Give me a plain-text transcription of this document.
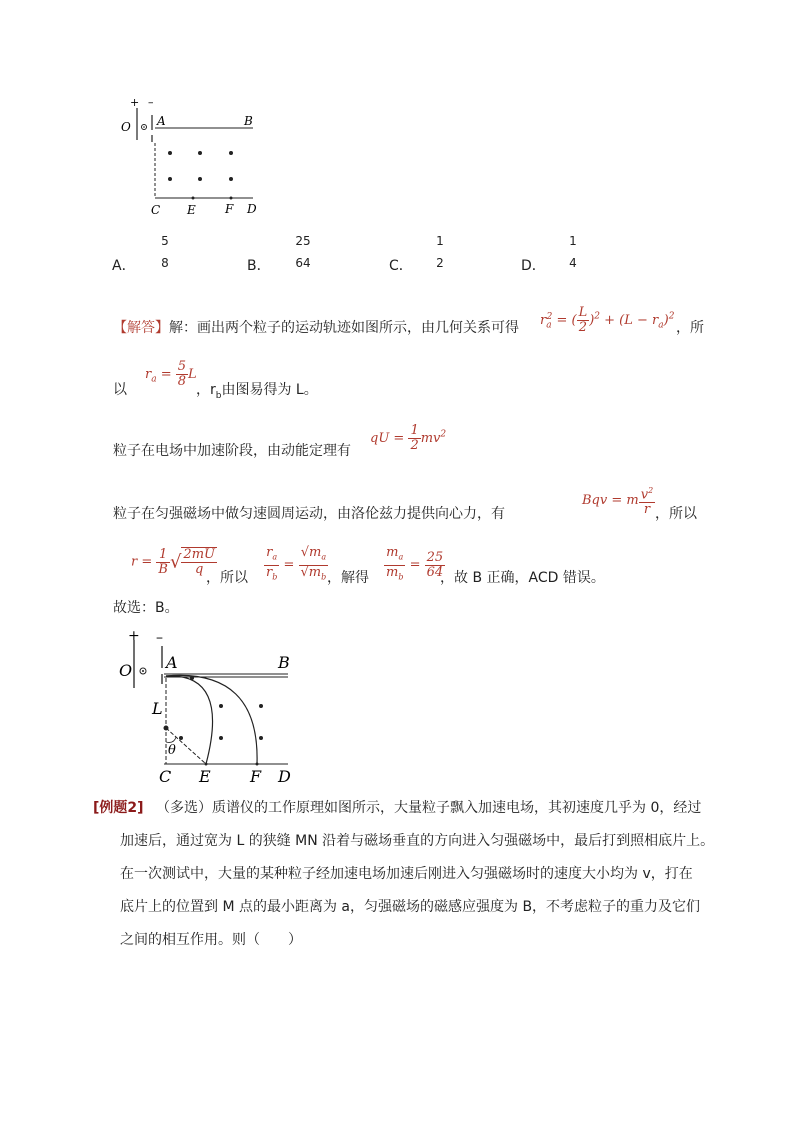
+ –
O A	B
C E F D
A．
5
8	B．
25
64	C．
1
2	D．
1
4
【解答】解：画出两个粒子的运动轨迹如图所示，由几何关系可得 $r_a^2$ = ( $\frac{L}{2} )^2 + (L - r_a)^2$
，所
以
$r_a = \frac{5}{8}$ L
，$r_b$由图易得为 L。
粒子在电场中加速阶段，由动能定理有
qU = $\frac{1}{2} mv^2$
粒子在匀强磁场中做匀速圆周运动，由洛伦兹力提供向心力，有
Bqv = m $\frac{v^2}{r}$ ，所以
$r = \frac{1}{B}$ √ $\frac{2mU}{q}$
，所以 $\frac{r_a}{r_b} = \frac{√m_a}{√m_b}$
，解得 $\frac{m_a}{m_b} = \frac{25}{64}$
，故 B 正确，ACD 错误。
故选：B。
+ –
O A	B
L
θ
C E F D
[例题2] （多选）质谱仪的工作原理如图所示，大量粒子飘入加速电场，其初速度几乎为 0，经过
加速后，通过宽为 L 的狭缝 MN 沿着与磁场垂直的方向进入匀强磁场中，最后打到照相底片上。
在一次测试中，大量的某种粒子经加速电场加速后刚进入匀强磁场时的速度大小均为 v，打在
底片上的位置到 M 点的最小距离为 a，匀强磁场的磁感应强度为 B，不考虑粒子的重力及它们
之间的相互作用。则（　　）
